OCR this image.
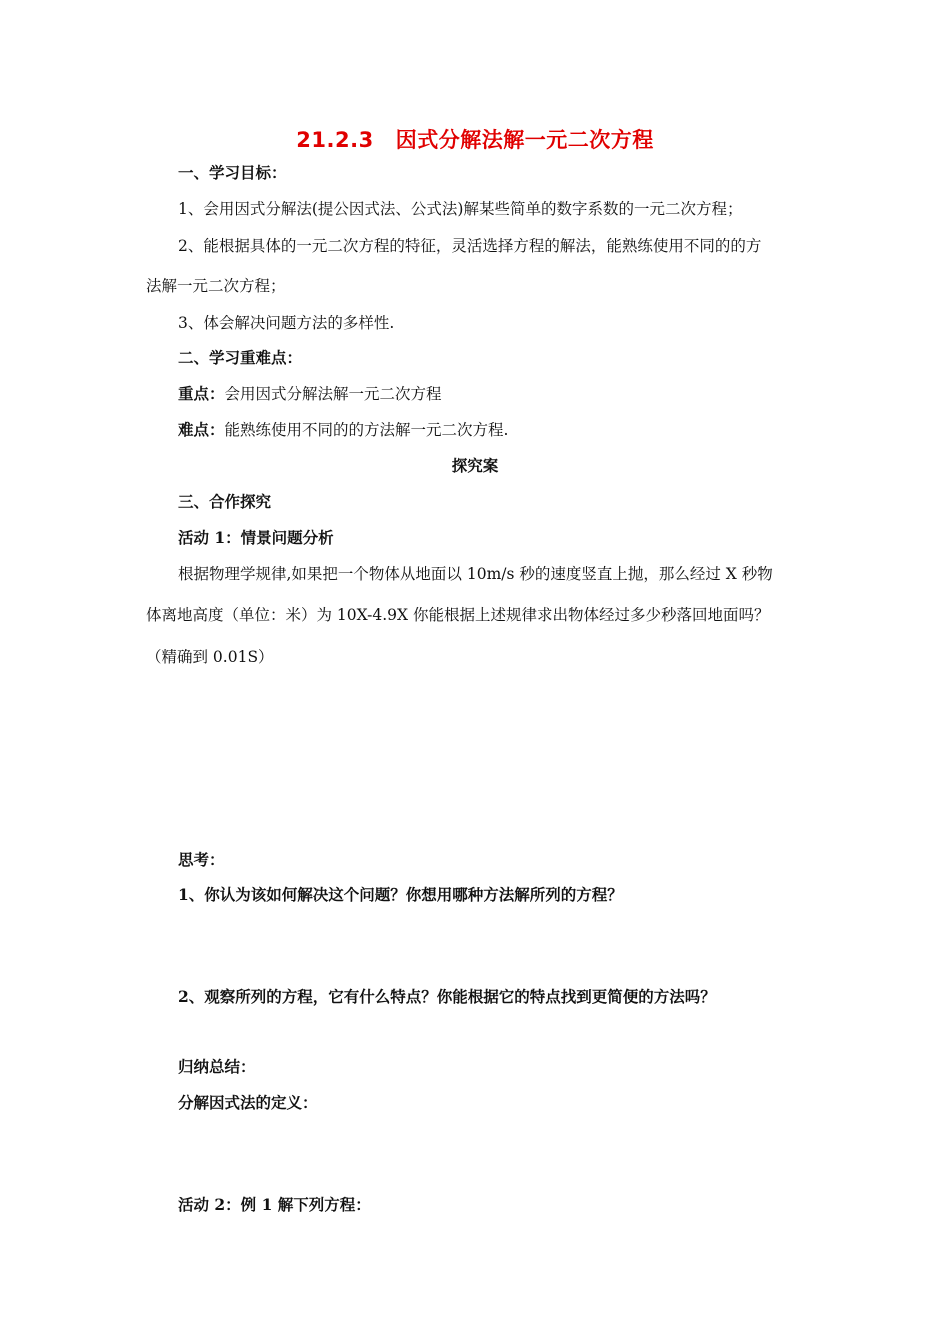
21.2.3 因式分解法解一元二次方程
一、学习目标：
1、会用因式分解法(提公因式法、公式法)解某些简单的数字系数的一元二次方程；
2、能根据具体的一元二次方程的特征，灵活选择方程的解法，能熟练使用不同的的方
法解一元二次方程；
3、体会解决问题方法的多样性.
二、学习重难点：
重点：会用因式分解法解一元二次方程
难点：能熟练使用不同的的方法解一元二次方程.
探究案
三、合作探究
活动 1：情景问题分析
根据物理学规律,如果把一个物体从地面以 10m/s 秒的速度竖直上抛，那么经过 X 秒物
体离地高度（单位：米）为 10X-4.9X 你能根据上述规律求出物体经过多少秒落回地面吗？
（精确到 0.01S）
思考：
1、你认为该如何解决这个问题？你想用哪种方法解所列的方程？
2、观察所列的方程，它有什么特点？你能根据它的特点找到更简便的方法吗？
归纳总结：
分解因式法的定义：
活动 2：例 1 解下列方程：
